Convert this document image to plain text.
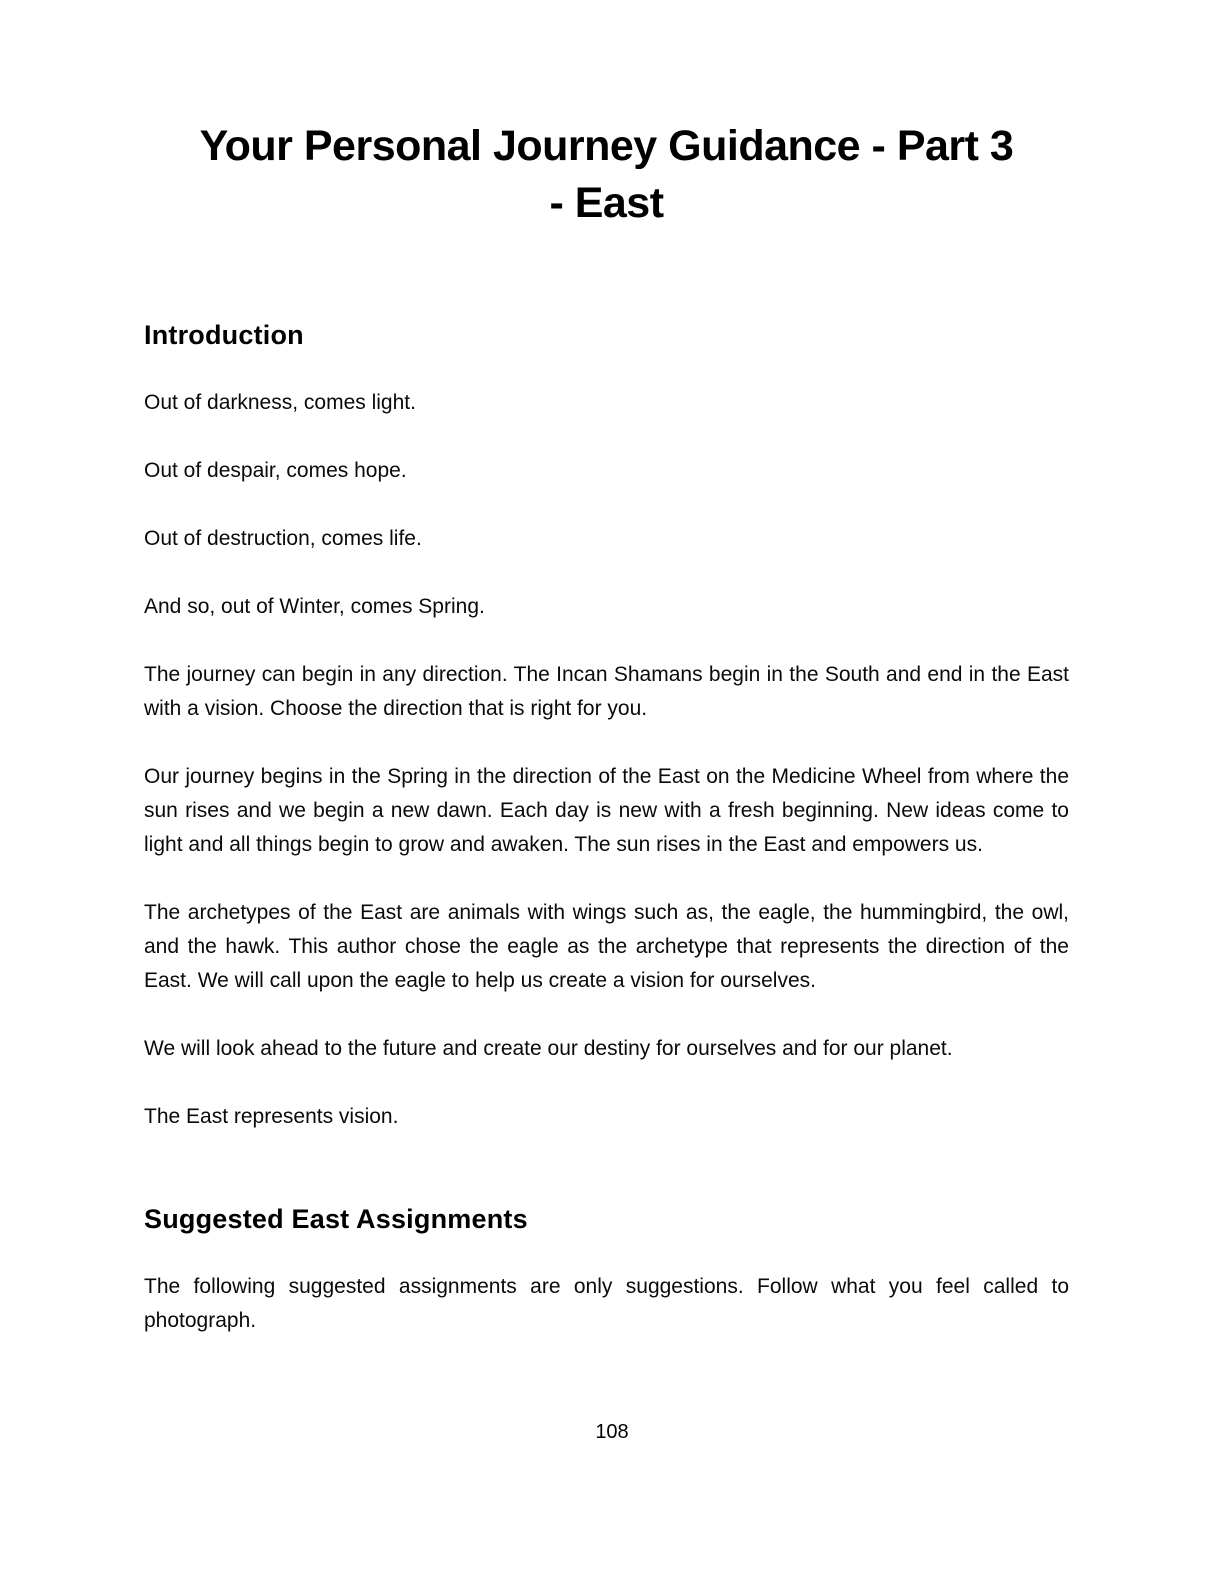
Your Personal Journey Guidance - Part 3
- East
Introduction

Out of darkness, comes light.

Out of despair, comes hope.

Out of destruction, comes life.

And so, out of Winter, comes Spring.

The journey can begin in any direction. The Incan Shamans begin in the South and end in the East with a vision. Choose the direction that is right for you.

Our journey begins in the Spring in the direction of the East on the Medicine Wheel from where the sun rises and we begin a new dawn. Each day is new with a fresh beginning. New ideas come to light and all things begin to grow and awaken. The sun rises in the East and empowers us.

The archetypes of the East are animals with wings such as, the eagle, the hummingbird, the owl, and the hawk. This author chose the eagle as the archetype that represents the direction of the East. We will call upon the eagle to help us create a vision for ourselves.

We will look ahead to the future and create our destiny for ourselves and for our planet.

The East represents vision.

Suggested East Assignments

The following suggested assignments are only suggestions. Follow what you feel called to photograph.

108
